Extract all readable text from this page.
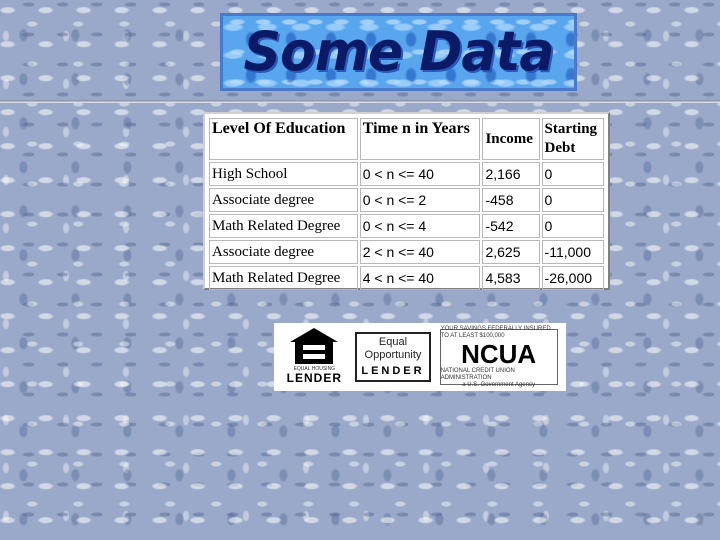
Some Data
Level Of Education	Time n in Years	Income	Starting
Debt
High School	0 < n <= 40	2,166	0
Associate degree	0 < n <= 2	-458	0
Math Related Degree	0 < n <= 4	-542	0
Associate degree	2 < n <= 40	2,625	-11,000
Math Related Degree	4 < n <= 40	4,583	-26,000
EQUAL HOUSING
LENDER
Equal
Opportunity
LENDER
YOUR SAVINGS FEDERALLY INSURED TO AT LEAST $100,000
NCUA
NATIONAL CREDIT UNION ADMINISTRATION
a U.S. Government Agency
